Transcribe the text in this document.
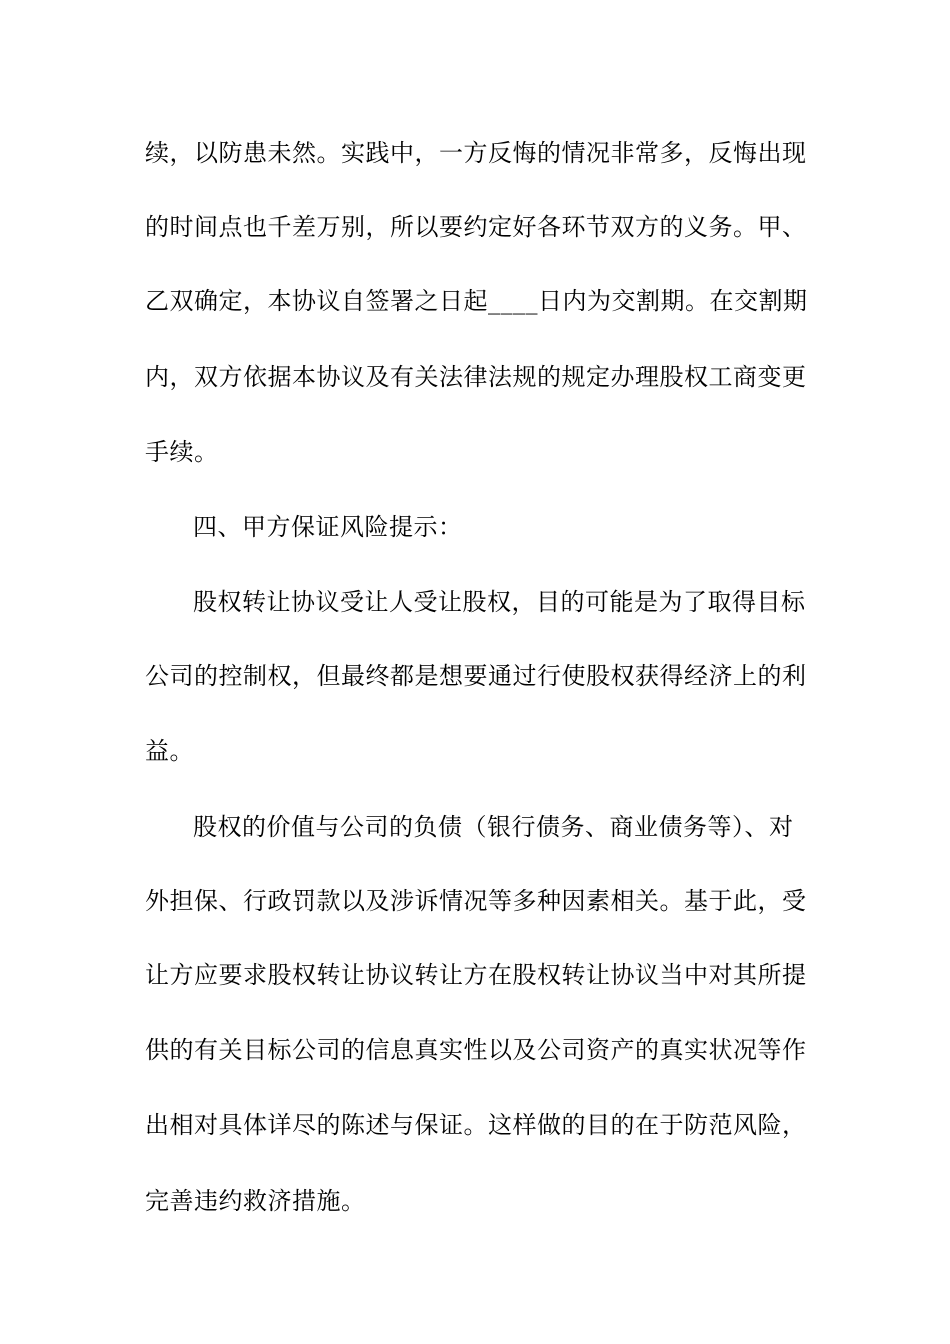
续，以防患未然。实践中，一方反悔的情况非常多，反悔出现
的时间点也千差万别，所以要约定好各环节双方的义务。甲、
乙双确定，本协议自签署之日起____日内为交割期。在交割期
内，双方依据本协议及有关法律法规的规定办理股权工商变更
手续。
四、甲方保证风险提示：
股权转让协议受让人受让股权，目的可能是为了取得目标
公司的控制权，但最终都是想要通过行使股权获得经济上的利
益。
股权的价值与公司的负债（银行债务、商业债务等）、对
外担保、行政罚款以及涉诉情况等多种因素相关。基于此，受
让方应要求股权转让协议转让方在股权转让协议当中对其所提
供的有关目标公司的信息真实性以及公司资产的真实状况等作
出相对具体详尽的陈述与保证。这样做的目的在于防范风险，
完善违约救济措施。
